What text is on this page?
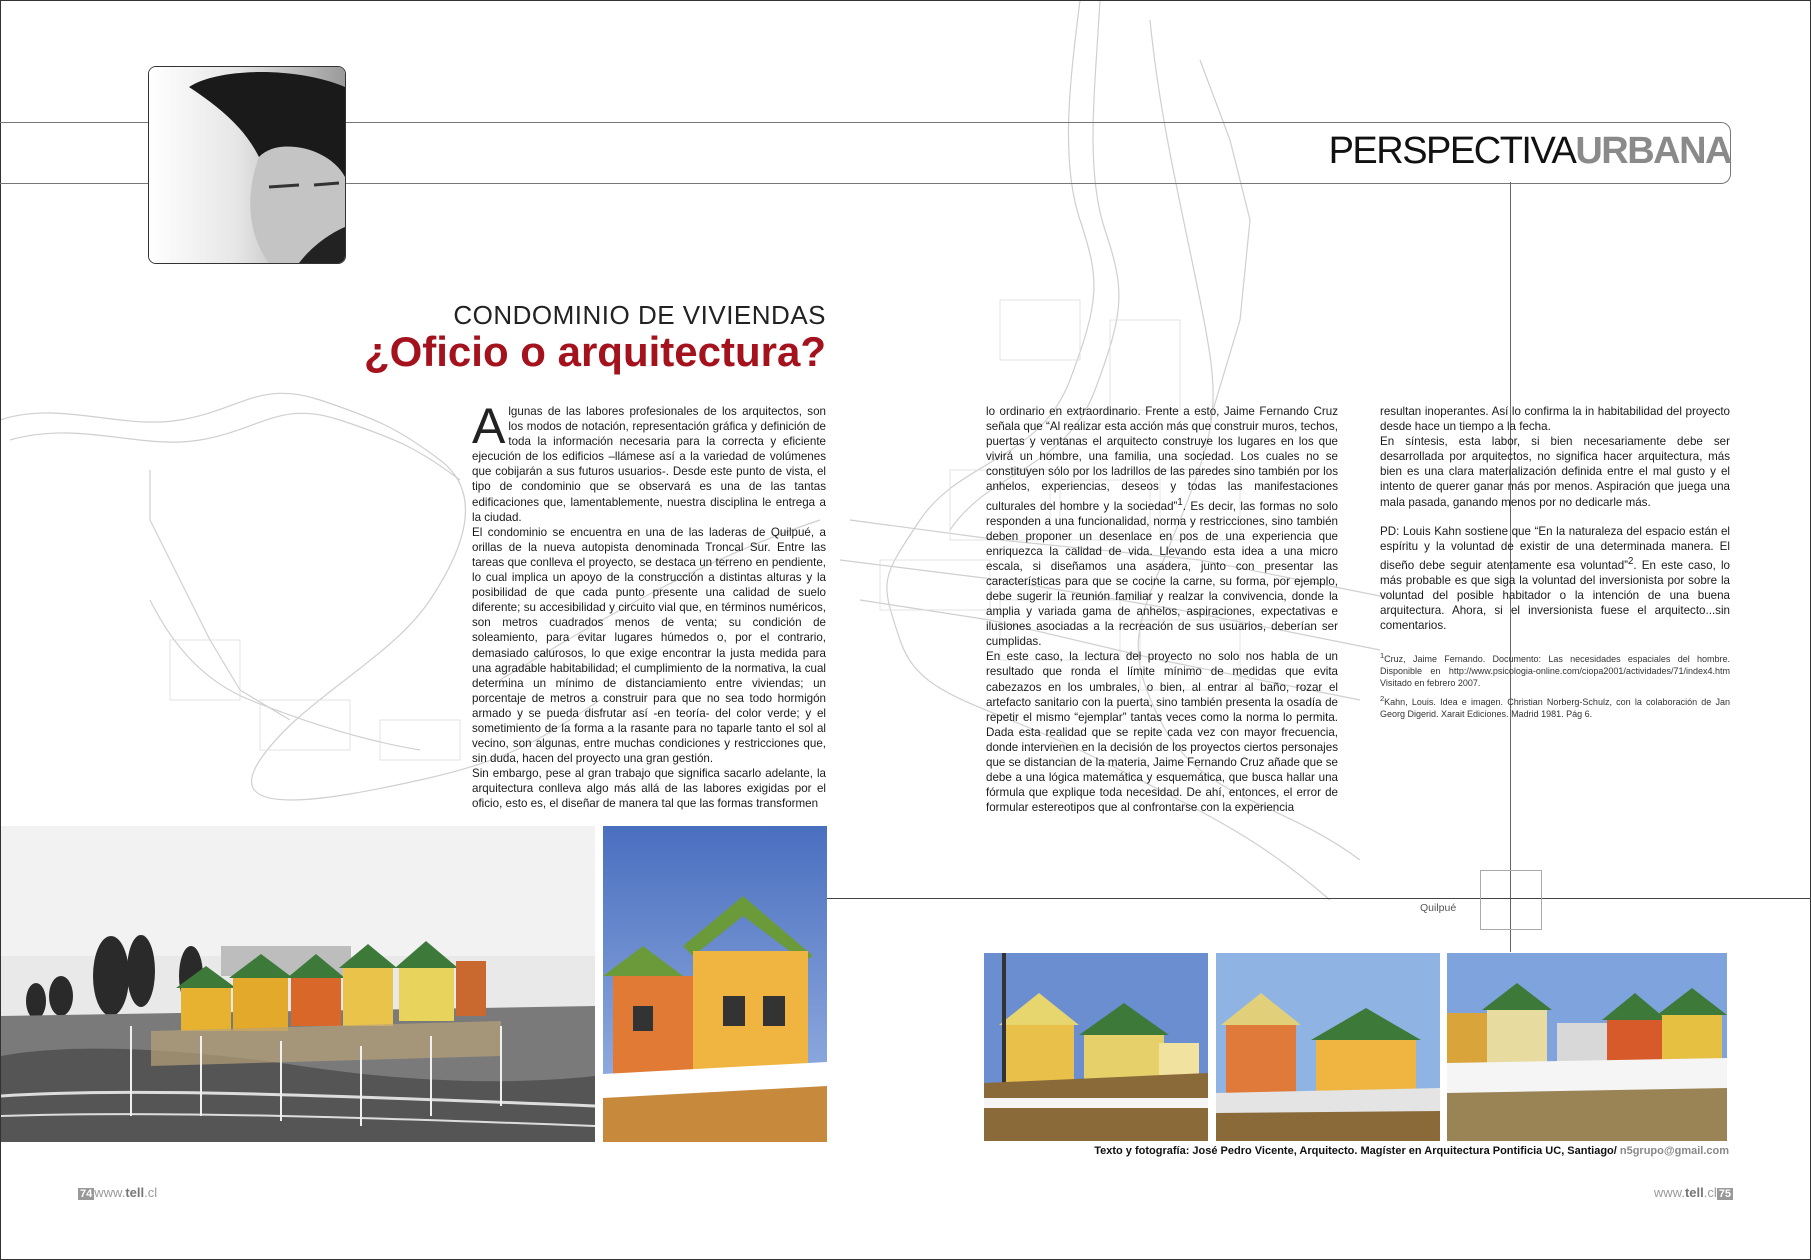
PERSPECTIVAURBANA
CONDOMINIO DE VIVIENDAS
¿Oficio o arquitectura?
A lgunas de las labores profesionales de los arquitectos, son los modos de notación, representación gráfica y definición de toda la información necesaria para la correcta y eficiente ejecución de los edificios –llámese así a la variedad de volúmenes que cobijarán a sus futuros usuarios-. Desde este punto de vista, el tipo de condominio que se observará es una de las tantas edificaciones que, lamentablemente, nuestra disciplina le entrega a la ciudad.

El condominio se encuentra en una de las laderas de Quilpué, a orillas de la nueva autopista denominada Troncal Sur. Entre las tareas que conlleva el proyecto, se destaca un terreno en pendiente, lo cual implica un apoyo de la construcción a distintas alturas y la posibilidad de que cada punto presente una calidad de suelo diferente; su accesibilidad y circuito vial que, en términos numéricos, son metros cuadrados menos de venta; su condición de soleamiento, para evitar lugares húmedos o, por el contrario, demasiado calurosos, lo que exige encontrar la justa medida para una agradable habitabilidad; el cumplimiento de la normativa, la cual determina un mínimo de distanciamiento entre viviendas; un porcentaje de metros a construir para que no sea todo hormigón armado y se pueda disfrutar así -en teoría- del color verde; y el sometimiento de la forma a la rasante para no taparle tanto el sol al vecino, son algunas, entre muchas condiciones y restricciones que, sin duda, hacen del proyecto una gran gestión.

Sin embargo, pese al gran trabajo que significa sacarlo adelante, la arquitectura conlleva algo más allá de las labores exigidas por el oficio, esto es, el diseñar de manera tal que las formas transformen

lo ordinario en extraordinario. Frente a esto, Jaime Fernando Cruz señala que “Al realizar esta acción más que construir muros, techos, puertas y ventanas el arquitecto construye los lugares en los que vivirá un hombre, una familia, una sociedad. Los cuales no se constituyen sólo por los ladrillos de las paredes sino también por los anhelos, experiencias, deseos y todas las manifestaciones culturales del hombre y la sociedad”$^1$. Es decir, las formas no solo responden a una funcionalidad, norma y restricciones, sino también deben proponer un desenlace en pos de una experiencia que enriquezca la calidad de vida. Llevando esta idea a una micro escala, si diseñamos una asadera, junto con presentar las características para que se cocine la carne, su forma, por ejemplo, debe sugerir la reunión familiar y realzar la convivencia, donde la amplia y variada gama de anhelos, aspiraciones, expectativas e ilusiones asociadas a la recreación de sus usuarios, deberían ser cumplidas.

En este caso, la lectura del proyecto no solo nos habla de un resultado que ronda el límite mínimo de medidas que evita cabezazos en los umbrales, o bien, al entrar al baño, rozar el artefacto sanitario con la puerta, sino también presenta la osadía de repetir el mismo “ejemplar” tantas veces como la norma lo permita. Dada esta realidad que se repite cada vez con mayor frecuencia, donde intervienen en la decisión de los proyectos ciertos personajes que se distancian de la materia, Jaime Fernando Cruz añade que se debe a una lógica matemática y esquemática, que busca hallar una fórmula que explique toda necesidad. De ahí, entonces, el error de formular estereotipos que al confrontarse con la experiencia

resultan inoperantes. Así lo confirma la in habitabilidad del proyecto desde hace un tiempo a la fecha.

En síntesis, esta labor, si bien necesariamente debe ser desarrollada por arquitectos, no significa hacer arquitectura, más bien es una clara materialización definida entre el mal gusto y el intento de querer ganar más por menos. Aspiración que juega una mala pasada, ganando menos por no dedicarle más.

PD: Louis Kahn sostiene que “En la naturaleza del espacio están el espíritu y la voluntad de existir de una determinada manera. El diseño debe seguir atentamente esa voluntad”$^2$. En este caso, lo más probable es que siga la voluntad del inversionista por sobre la voluntad del posible habitador o la intención de una buena arquitectura. Ahora, si el inversionista fuese el arquitecto...sin comentarios.

$^1$Cruz, Jaime Fernando. Documento: Las necesidades espaciales del hombre. Disponible en http://www.psicologia-online.com/ciopa2001/actividades/71/index4.htm Visitado en febrero 2007.

$^2$Kahn, Louis. Idea e imagen. Christian Norberg-Schulz, con la colaboración de Jan Georg Digerid. Xarait Ediciones. Madrid 1981. Pág 6.

Quilpué
Texto y fotografía: José Pedro Vicente, Arquitecto. Magíster en Arquitectura Pontificia UC, Santiago/ n5grupo@gmail.com
74 www.tell.cl	www.tell.cl 75
